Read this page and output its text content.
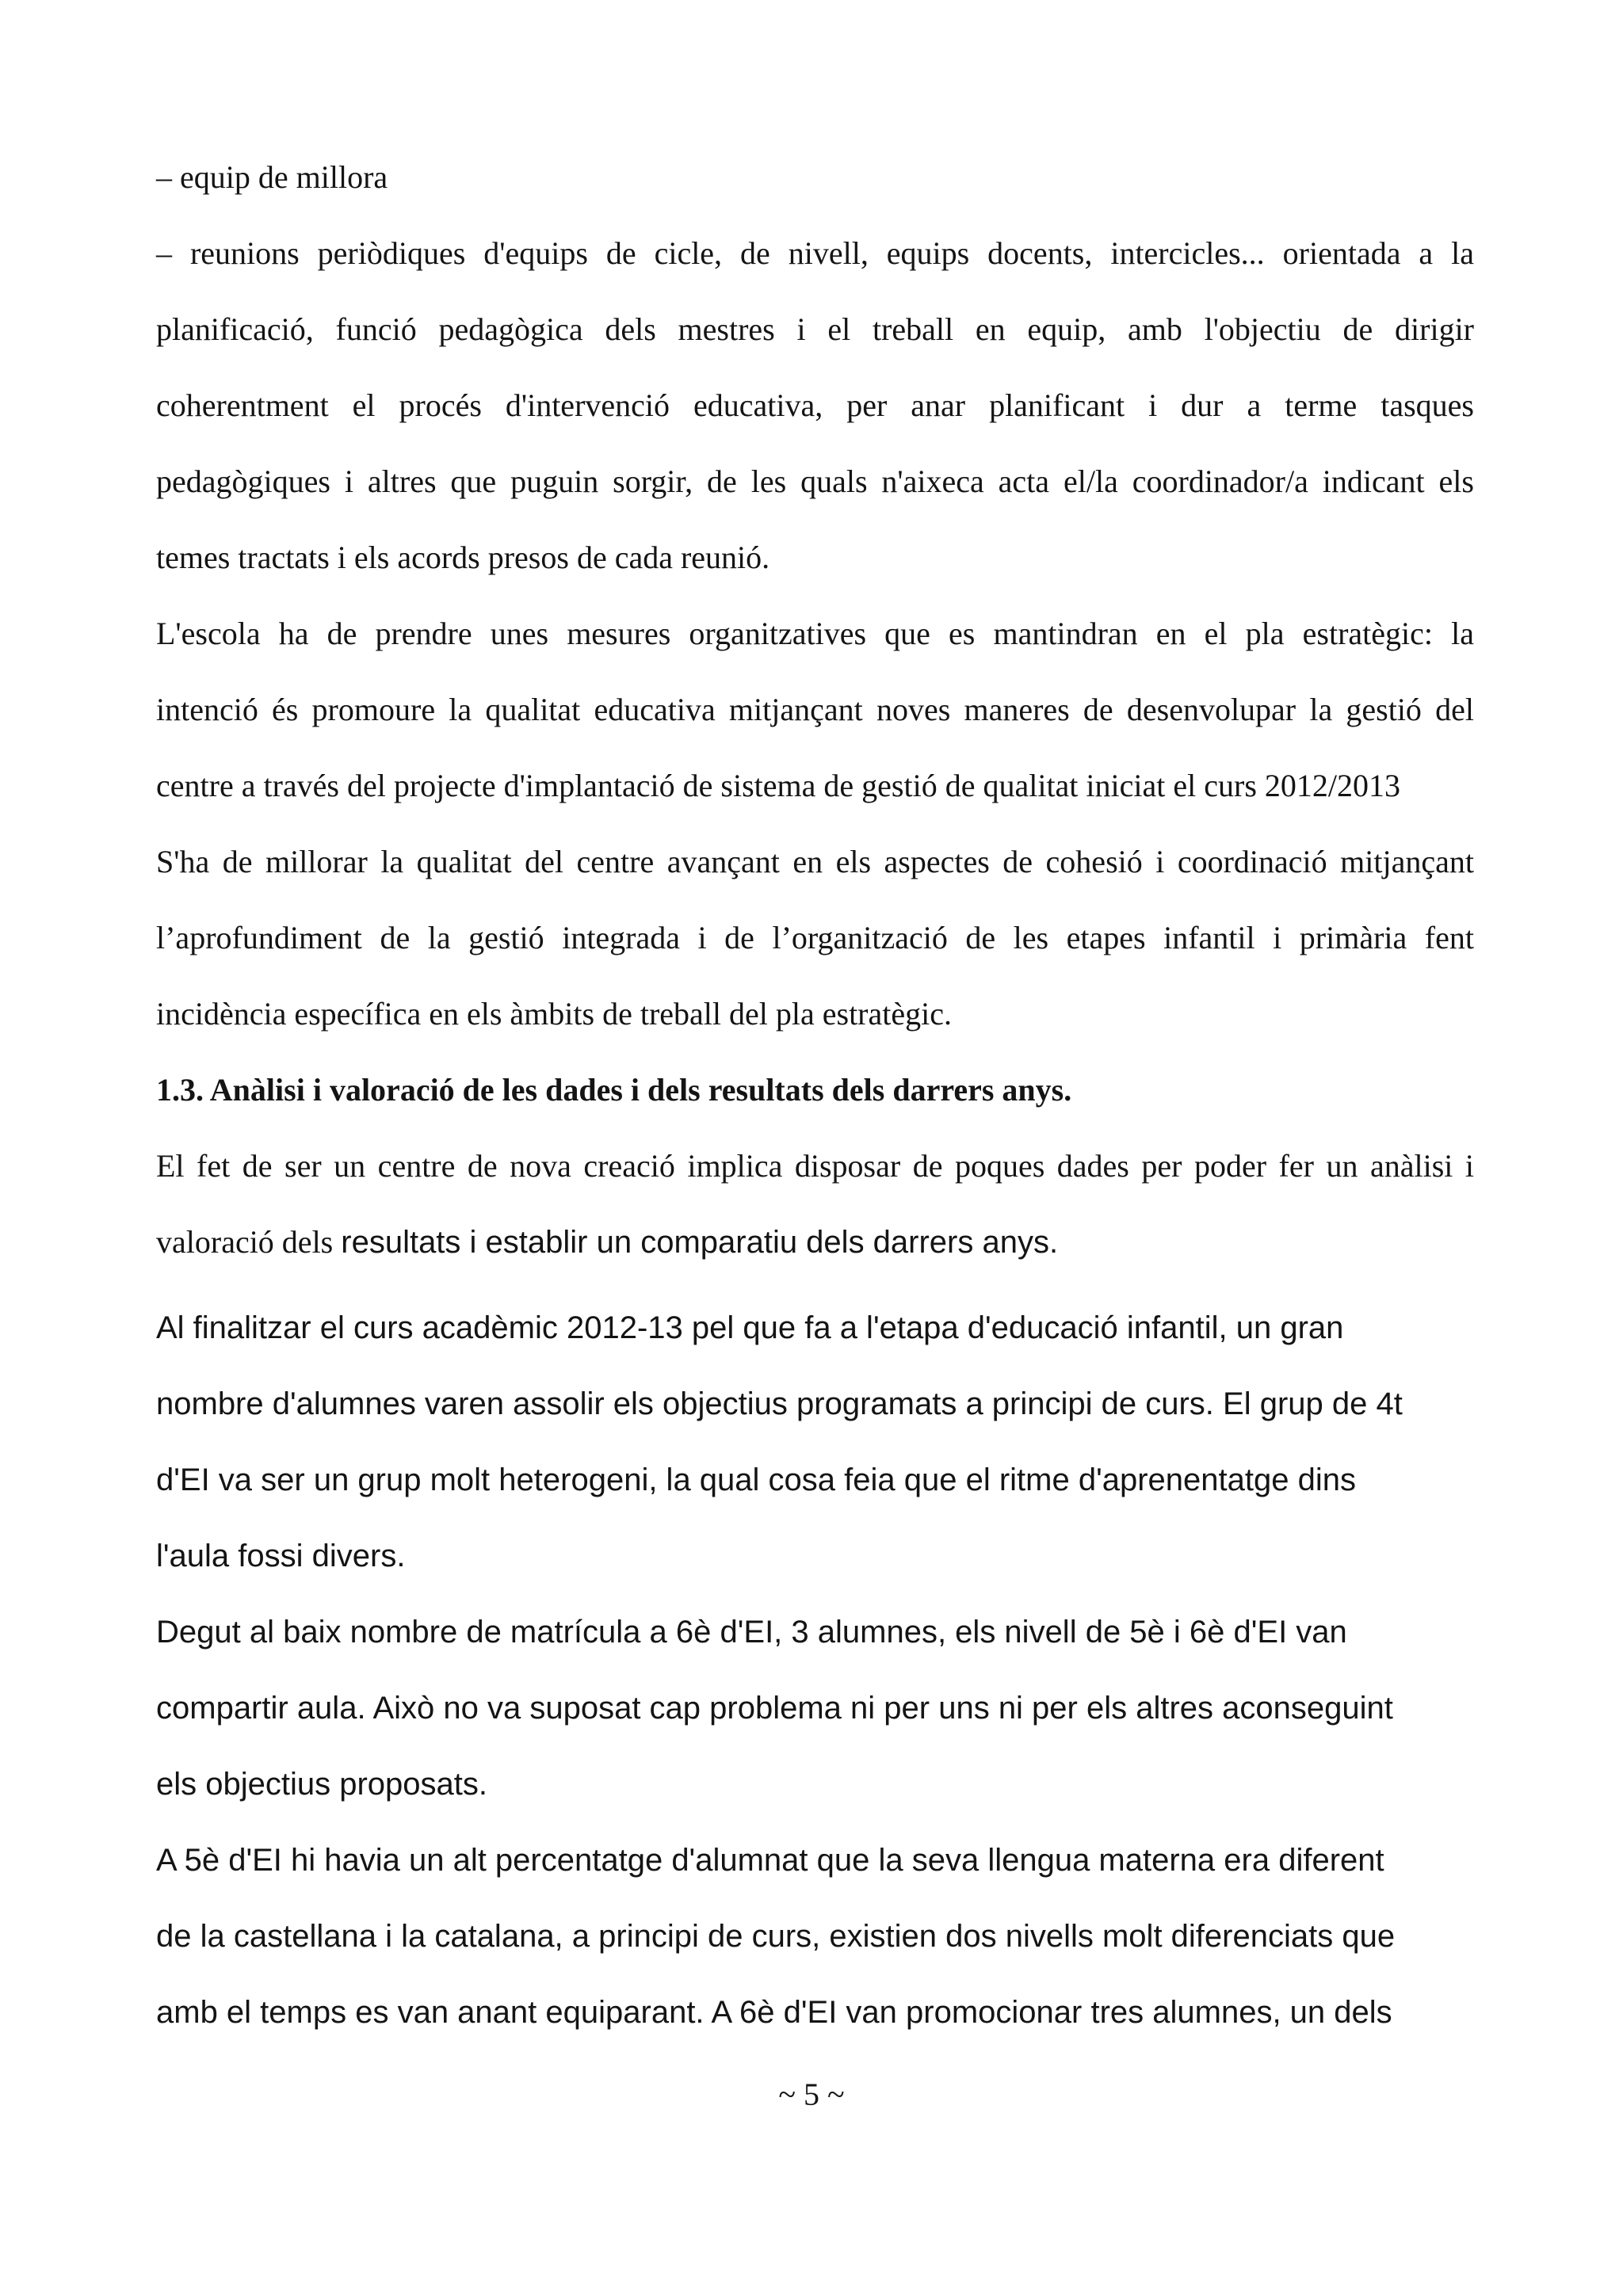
– equip de millora
– reunions periòdiques d'equips de cicle, de nivell, equips docents, intercicles... orientada a la
planificació, funció pedagògica dels mestres i el treball en equip, amb l'objectiu de dirigir
coherentment el procés d'intervenció educativa, per anar planificant i dur a terme tasques
pedagògiques i altres que puguin sorgir, de les quals n'aixeca acta el/la coordinador/a indicant els
temes tractats i els acords presos de cada reunió.
L'escola ha de prendre unes mesures organitzatives que es mantindran en el pla estratègic: la
intenció és promoure la qualitat educativa mitjançant noves maneres de desenvolupar la gestió del
centre a través del projecte d'implantació de sistema de gestió de qualitat iniciat el curs 2012/2013
S'ha de millorar la qualitat del centre avançant en els aspectes de cohesió i coordinació mitjançant
l’aprofundiment de la gestió integrada i de l’organització de les etapes infantil i primària fent
incidència específica en els àmbits de treball del pla estratègic.
1.3. Anàlisi i valoració de les dades i dels resultats dels darrers anys.
El fet de ser un centre de nova creació implica disposar de poques dades per poder fer un anàlisi i
valoració dels resultats i establir un comparatiu dels darrers anys.
Al finalitzar el curs acadèmic 2012-13 pel que fa a l'etapa d'educació infantil, un gran
nombre d'alumnes varen assolir els objectius programats a principi de curs. El grup de 4t
d'EI va ser un grup molt heterogeni, la qual cosa feia que el ritme d'aprenentatge dins
l'aula fossi divers.
Degut al baix nombre de matrícula a 6è d'EI, 3 alumnes, els nivell de 5è i 6è d'EI van
compartir aula. Això no va suposat cap problema ni per uns ni per els altres aconseguint
els objectius proposats.
A 5è d'EI hi havia un alt percentatge d'alumnat que la seva llengua materna era diferent
de la castellana i la catalana, a principi de curs, existien dos nivells molt diferenciats que
amb el temps es van anant equiparant. A 6è d'EI van promocionar tres alumnes, un dels
~ 5 ~
